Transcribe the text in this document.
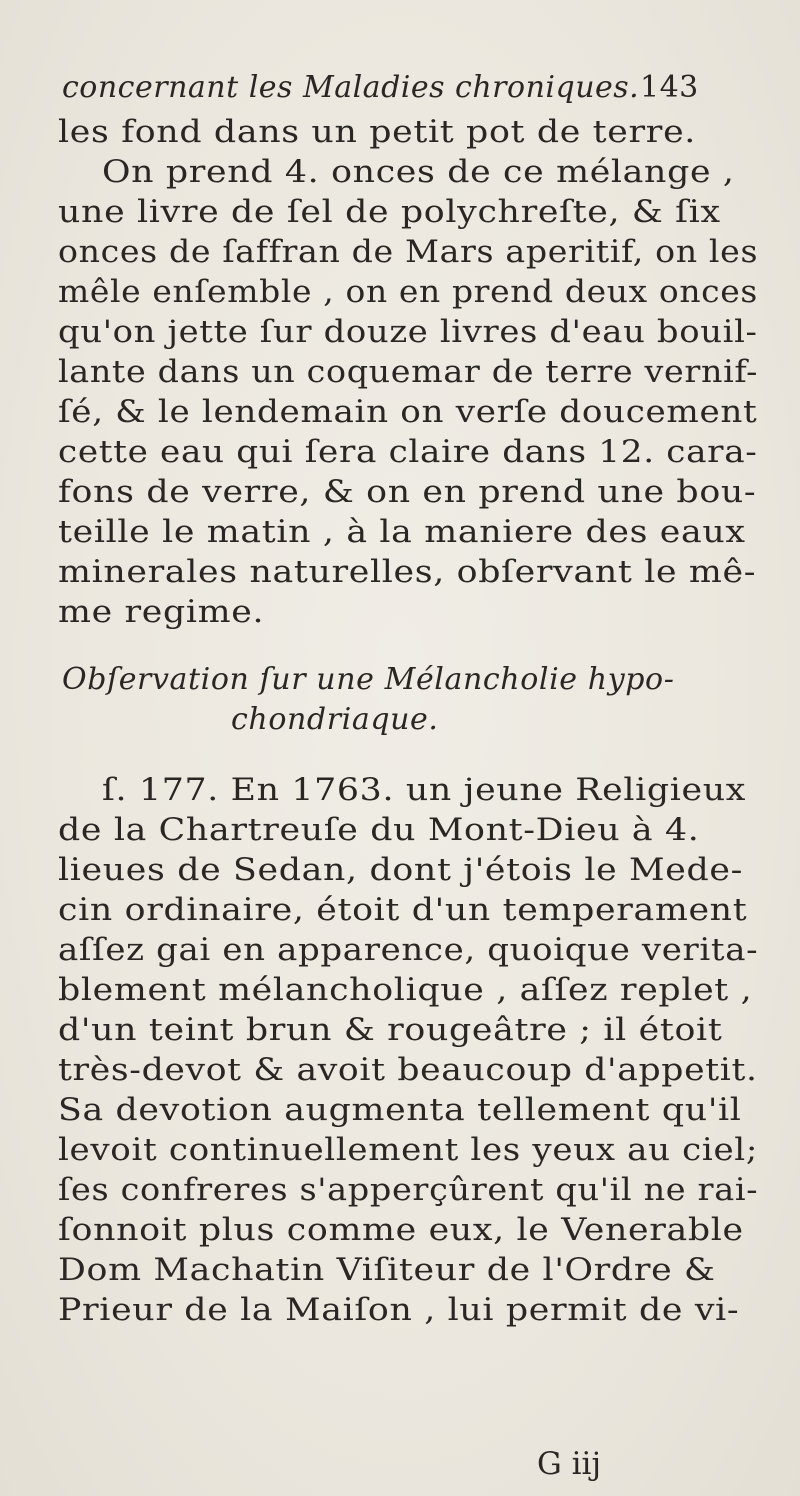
concernant les Maladies chroniques. 143
les fond dans un petit pot de terre.
On prend 4. onces de ce mélange ,
une livre de ſel de polychreſte, & ſix
onces de ſaffran de Mars aperitif, on les
mêle enſemble , on en prend deux onces
qu'on jette ſur douze livres d'eau bouil-
lante dans un coquemar de terre vernif-
ſé, & le lendemain on verſe doucement
cette eau qui ſera claire dans 12. cara-
fons de verre, & on en prend une bou-
teille le matin , à la maniere des eaux
minerales naturelles, obſervant le mê-
me regime.
Obſervation ſur une Mélancholie hypo-
chondriaque.
ſ. 177. En 1763. un jeune Religieux
de la Chartreuſe du Mont-Dieu à 4.
lieues de Sedan, dont j'étois le Mede-
cin ordinaire, étoit d'un temperament
aſſez gai en apparence, quoique verita-
blement mélancholique , aſſez replet ,
d'un teint brun & rougeâtre ; il étoit
très-devot & avoit beaucoup d'appetit.
Sa devotion augmenta tellement qu'il
levoit continuellement les yeux au ciel;
ſes confreres s'apperçûrent qu'il ne rai-
ſonnoit plus comme eux, le Venerable
Dom Machatin Viſiteur de l'Ordre &
Prieur de la Maiſon , lui permit de vi-
G iij
